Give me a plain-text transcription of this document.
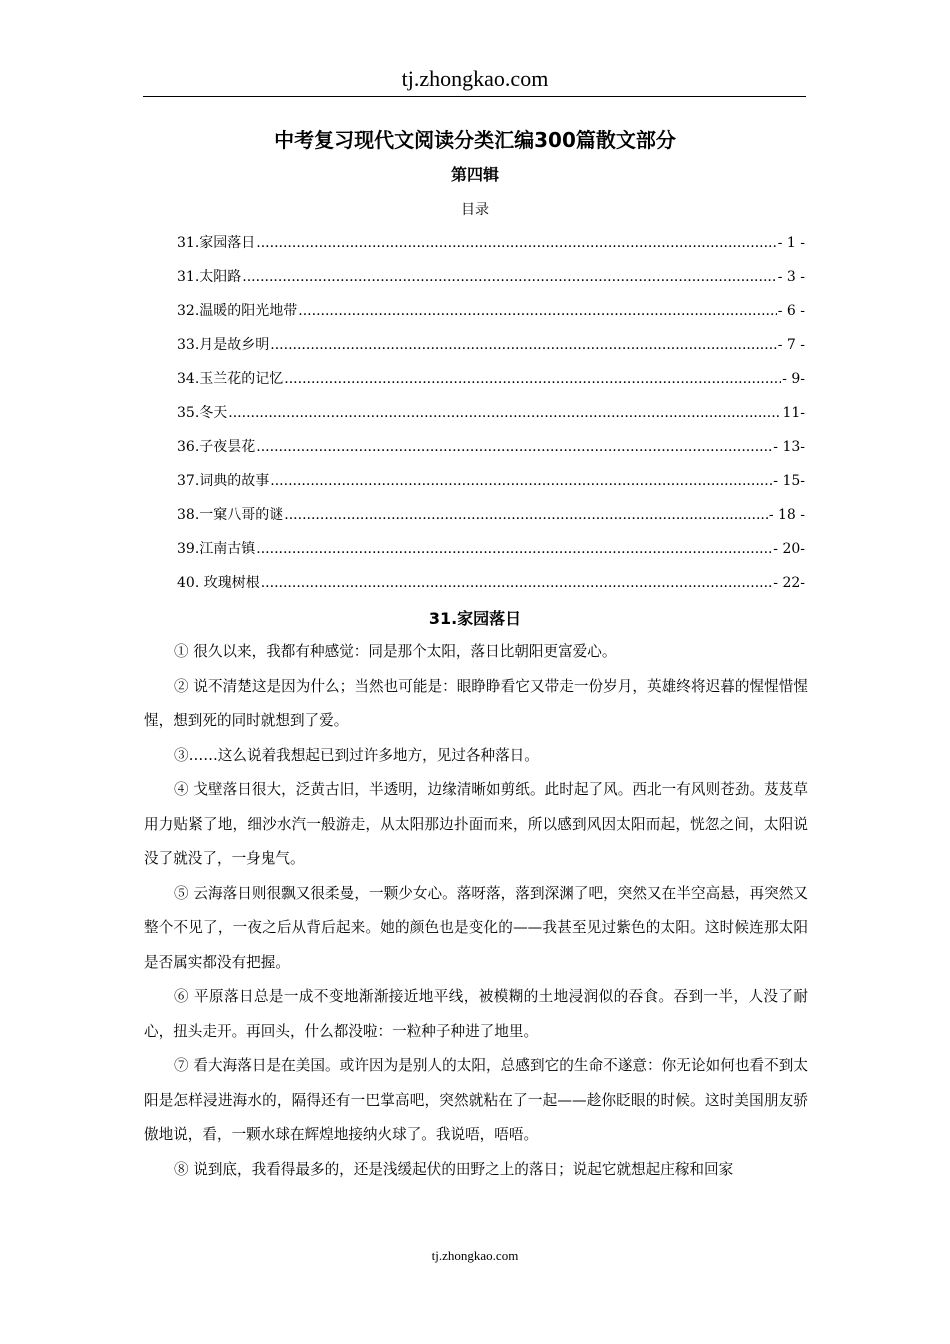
tj.zhongkao.com
中考复习现代文阅读分类汇编300篇散文部分
第四辑
目录
31.家园落日 .....	- 1 -
31.太阳路 .....	- 3 -
32.温暖的阳光地带 .....	- 6 -
33.月是故乡明 .....	- 7 -
34.玉兰花的记忆 .....	- 9-
35.冬天 .....	11-
36.子夜昙花 .....	- 13-
37.词典的故事 .....	- 15-
38.一窠八哥的谜 .....	- 18 -
39.江南古镇 .....	- 20-
40. 玫瑰树根 .....	- 22-
31.家园落日

① 很久以来，我都有种感觉：同是那个太阳，落日比朝阳更富爱心。

② 说不清楚这是因为什么；当然也可能是：眼睁睁看它又带走一份岁月，英雄终将迟暮的惺惺惜惺惺，想到死的同时就想到了爱。

③……这么说着我想起已到过许多地方，见过各种落日。

④ 戈壁落日很大，泛黄古旧，半透明，边缘清晰如剪纸。此时起了风。西北一有风则苍劲。芨芨草用力贴紧了地，细沙水汽一般游走，从太阳那边扑面而来，所以感到风因太阳而起，恍忽之间，太阳说没了就没了，一身鬼气。

⑤ 云海落日则很飘又很柔曼，一颗少女心。落呀落，落到深渊了吧，突然又在半空高悬，再突然又整个不见了，一夜之后从背后起来。她的颜色也是变化的——我甚至见过紫色的太阳。这时候连那太阳是否属实都没有把握。

⑥ 平原落日总是一成不变地渐渐接近地平线，被模糊的土地浸润似的吞食。吞到一半，人没了耐心，扭头走开。再回头，什么都没啦：一粒种子种进了地里。

⑦ 看大海落日是在美国。或许因为是别人的太阳，总感到它的生命不遂意：你无论如何也看不到太阳是怎样浸进海水的，隔得还有一巴掌高吧，突然就粘在了一起——趁你眨眼的时候。这时美国朋友骄傲地说，看，一颗水球在辉煌地接纳火球了。我说唔，唔唔。

⑧ 说到底，我看得最多的，还是浅缓起伏的田野之上的落日；说起它就想起庄稼和回家

tj.zhongkao.com
